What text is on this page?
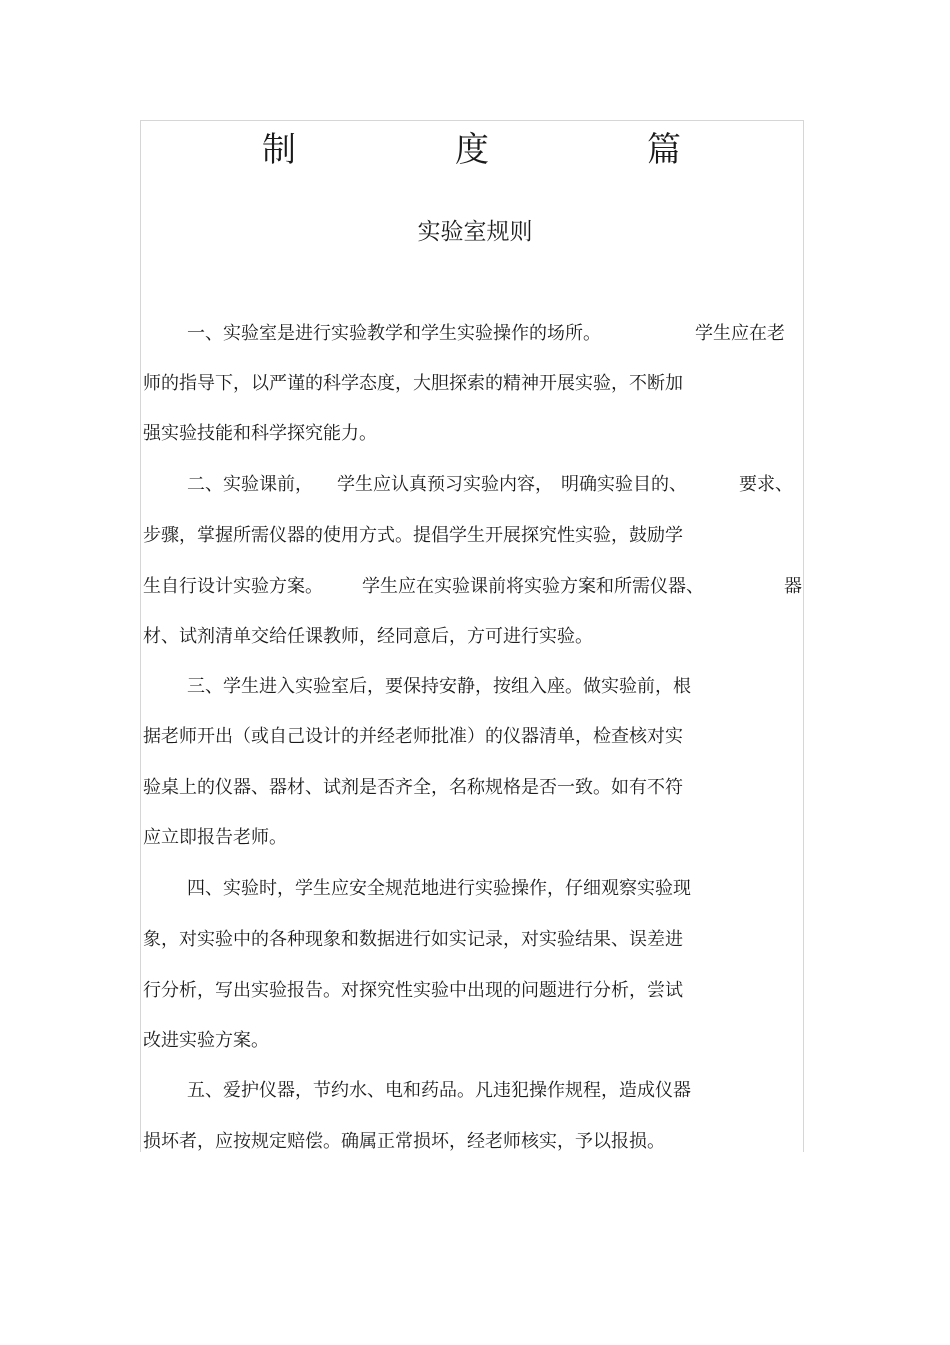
制	度	篇
实验室规则
一、实验室是进行实验教学和学生实验操作的场所。	学生应在老
师的指导下，以严谨的科学态度，大胆探索的精神开展实验，不断加
强实验技能和科学探究能力。
二、实验课前， 学生应认真预习实验内容， 明确实验目的、	要求、
步骤，掌握所需仪器的使用方式。提倡学生开展探究性实验，鼓励学
生自行设计实验方案。 学生应在实验课前将实验方案和所需仪器、	器
材、试剂清单交给任课教师，经同意后，方可进行实验。
三、学生进入实验室后，要保持安静，按组入座。做实验前，根
据老师开出（或自己设计的并经老师批准）的仪器清单，检查核对实
验桌上的仪器、器材、试剂是否齐全，名称规格是否一致。如有不符
应立即报告老师。
四、实验时，学生应安全规范地进行实验操作，仔细观察实验现
象，对实验中的各种现象和数据进行如实记录，对实验结果、误差进
行分析，写出实验报告。对探究性实验中出现的问题进行分析，尝试
改进实验方案。
五、爱护仪器，节约水、电和药品。凡违犯操作规程，造成仪器
损坏者，应按规定赔偿。确属正常损坏，经老师核实，予以报损。
